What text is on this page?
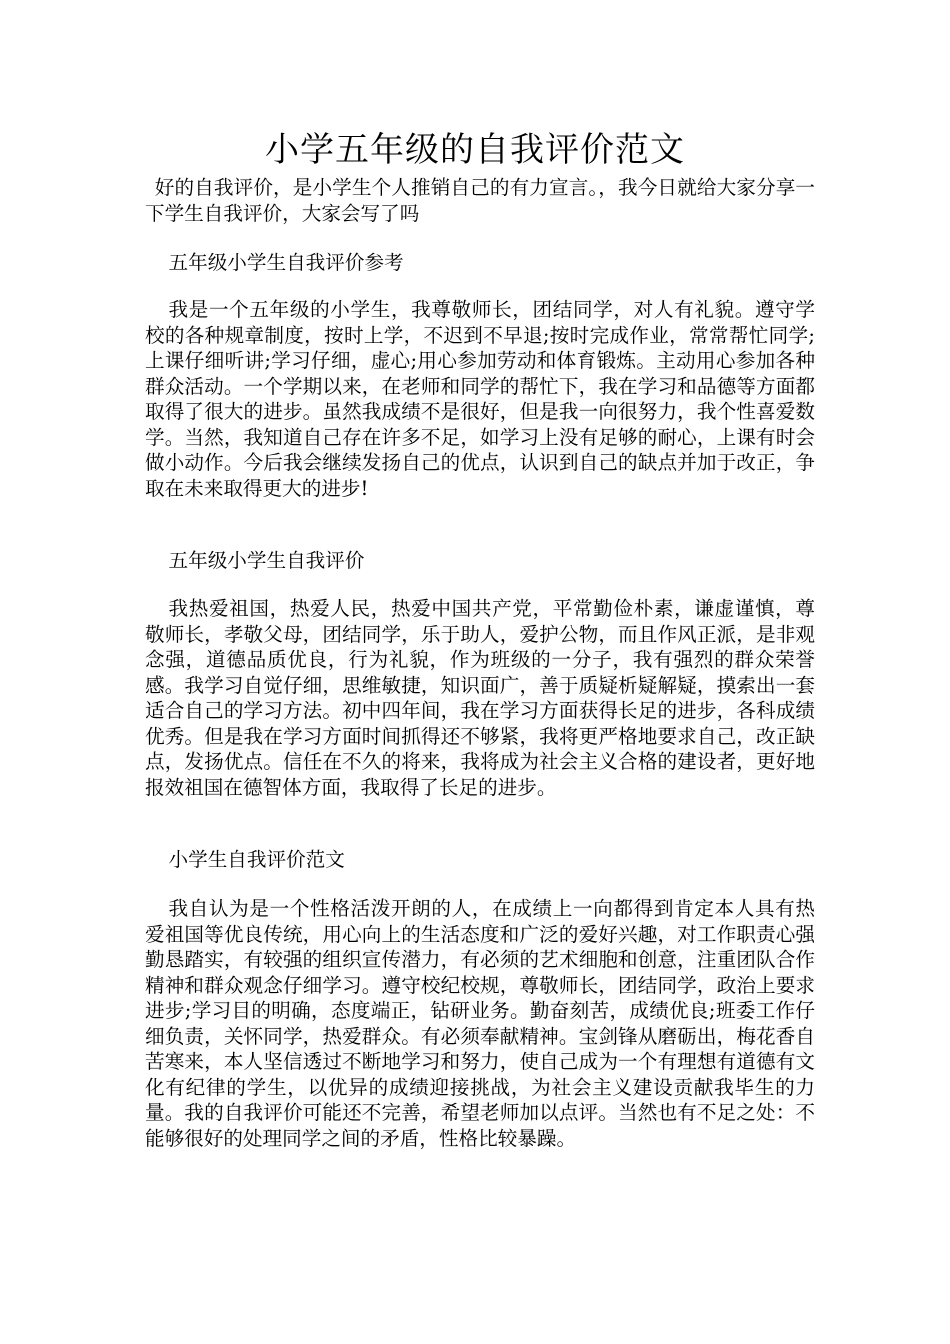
小学五年级的自我评价范文

好的自我评价，是小学生个人推销自己的有力宣言。，我今日就给大家分享一下学生自我评价，大家会写了吗

五年级小学生自我评价参考

我是一个五年级的小学生，我尊敬师长，团结同学，对人有礼貌。遵守学校的各种规章制度，按时上学，不迟到不早退;按时完成作业，常常帮忙同学;上课仔细听讲;学习仔细，虚心;用心参加劳动和体育锻炼。主动用心参加各种群众活动。一个学期以来，在老师和同学的帮忙下，我在学习和品德等方面都取得了很大的进步。虽然我成绩不是很好，但是我一向很努力，我个性喜爱数学。当然，我知道自己存在许多不足，如学习上没有足够的耐心，上课有时会做小动作。今后我会继续发扬自己的优点，认识到自己的缺点并加于改正，争取在未来取得更大的进步!

五年级小学生自我评价

我热爱祖国，热爱人民，热爱中国共产党，平常勤俭朴素，谦虚谨慎，尊敬师长，孝敬父母，团结同学，乐于助人，爱护公物，而且作风正派，是非观念强，道德品质优良，行为礼貌，作为班级的一分子，我有强烈的群众荣誉感。我学习自觉仔细，思维敏捷，知识面广，善于质疑析疑解疑，摸索出一套适合自己的学习方法。初中四年间，我在学习方面获得长足的进步，各科成绩优秀。但是我在学习方面时间抓得还不够紧，我将更严格地要求自己，改正缺点，发扬优点。信任在不久的将来，我将成为社会主义合格的建设者，更好地报效祖国在德智体方面，我取得了长足的进步。

小学生自我评价范文

我自认为是一个性格活泼开朗的人，在成绩上一向都得到肯定本人具有热爱祖国等优良传统，用心向上的生活态度和广泛的爱好兴趣，对工作职责心强勤恳踏实，有较强的组织宣传潜力，有必须的艺术细胞和创意，注重团队合作精神和群众观念仔细学习。遵守校纪校规，尊敬师长，团结同学，政治上要求进步;学习目的明确，态度端正，钻研业务。勤奋刻苦，成绩优良;班委工作仔细负责，关怀同学，热爱群众。有必须奉献精神。宝剑锋从磨砺出，梅花香自苦寒来，本人坚信透过不断地学习和努力，使自己成为一个有理想有道德有文化有纪律的学生，以优异的成绩迎接挑战，为社会主义建设贡献我毕生的力量。我的自我评价可能还不完善，希望老师加以点评。当然也有不足之处：不能够很好的处理同学之间的矛盾，性格比较暴躁。
